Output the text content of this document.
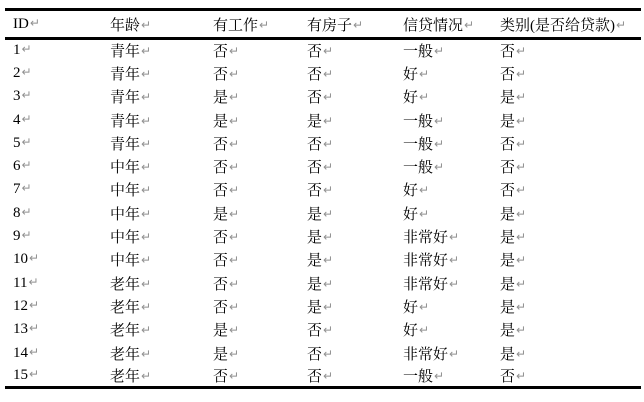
ID↵	年龄↵	有工作↵	有房子↵	信贷情况↵	类别(是否给贷款)↵
1↵	青年↵	否↵	否↵	一般↵	否↵
2↵	青年↵	否↵	否↵	好↵	否↵
3↵	青年↵	是↵	否↵	好↵	是↵
4↵	青年↵	是↵	是↵	一般↵	是↵
5↵	青年↵	否↵	否↵	一般↵	否↵
6↵	中年↵	否↵	否↵	一般↵	否↵
7↵	中年↵	否↵	否↵	好↵	否↵
8↵	中年↵	是↵	是↵	好↵	是↵
9↵	中年↵	否↵	是↵	非常好↵	是↵
10↵	中年↵	否↵	是↵	非常好↵	是↵
11↵	老年↵	否↵	是↵	非常好↵	是↵
12↵	老年↵	否↵	是↵	好↵	是↵
13↵	老年↵	是↵	否↵	好↵	是↵
14↵	老年↵	是↵	否↵	非常好↵	是↵
15↵	老年↵	否↵	否↵	一般↵	否↵
